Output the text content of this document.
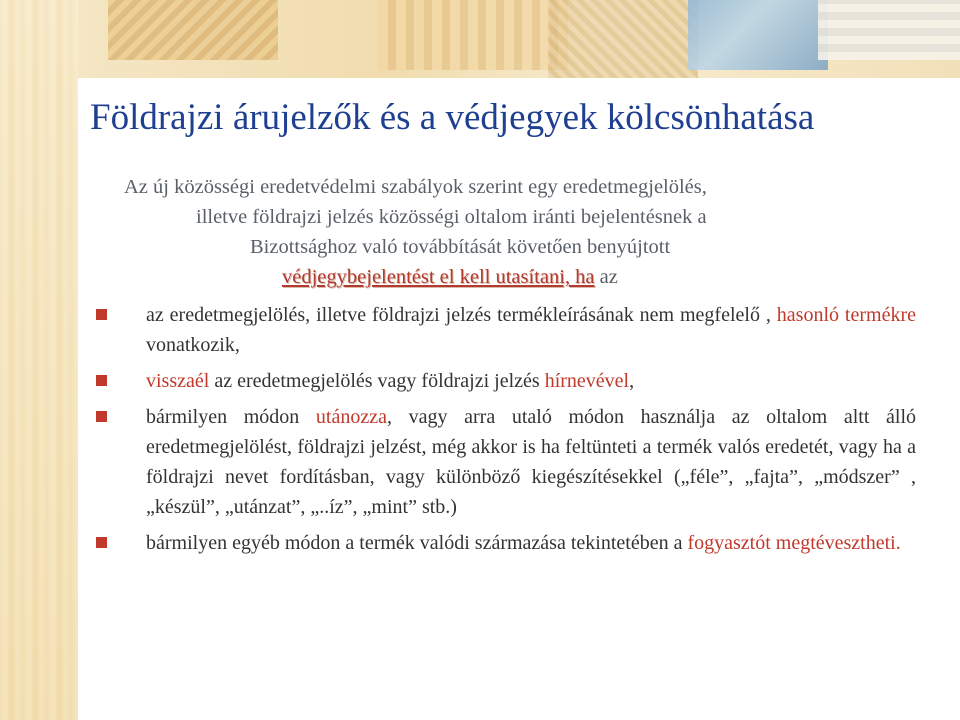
Földrajzi árujelzők és a védjegyek kölcsönhatása
Az új közösségi eredetvédelmi szabályok szerint egy eredetmegjelölés,
illetve földrajzi jelzés közösségi oltalom iránti bejelentésnek a
Bizottsághoz való továbbítását követően benyújtott
védjegybejelentést el kell utasítani, ha az

az eredetmegjelölés, illetve földrajzi jelzés termékleírásának nem megfelelő , hasonló termékre vonatkozik,

visszaél az eredetmegjelölés vagy földrajzi jelzés hírnevével,

bármilyen módon utánozza, vagy arra utaló módon használja az oltalom altt álló eredetmegjelölést, földrajzi jelzést, még akkor is ha feltünteti a termék valós eredetét, vagy ha a földrajzi nevet fordításban, vagy különböző kiegészítésekkel („féle”, „fajta”, „módszer” , „készül”, „utánzat”, „..íz”, „mint” stb.)

bármilyen egyéb módon a termék valódi származása tekintetében a fogyasztót megtévesztheti.
